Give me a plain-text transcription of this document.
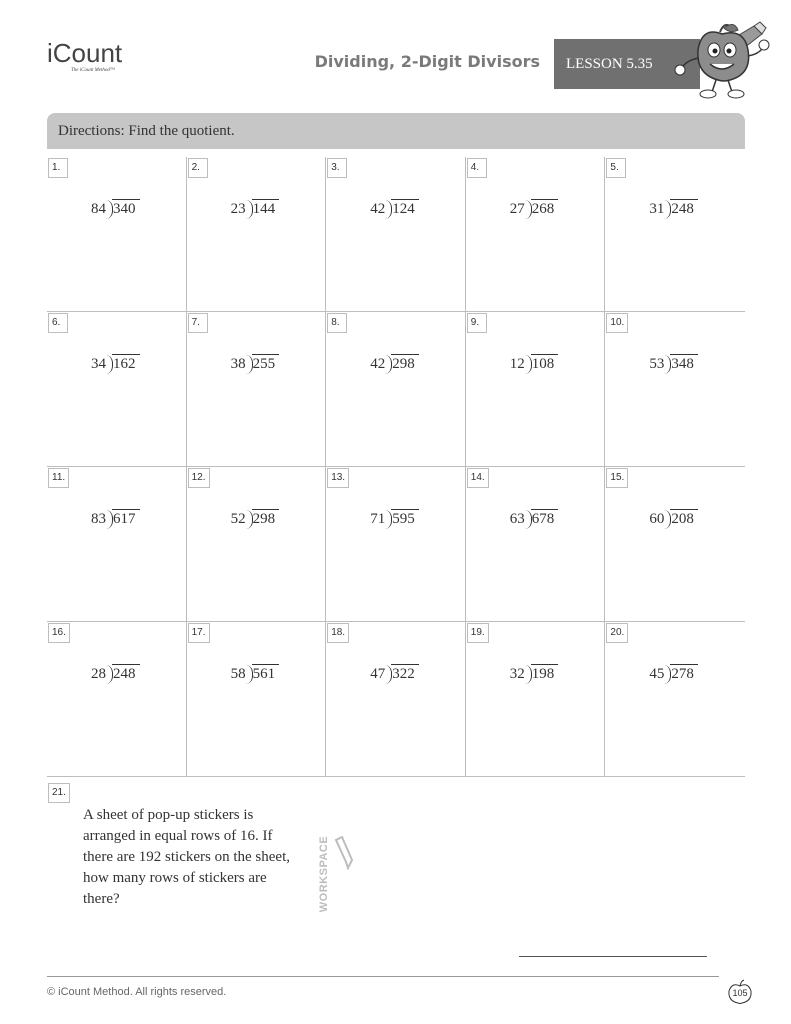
iCount
The iCount Method™	Dividing, 2-Digit Divisors LESSON 5.35
Directions: Find the quotient.
1.
84 340
2.
23 144
3.
42 124
4.
27 268
5.
31 248
6.
34 162
7.
38 255
8.
42 298
9.
12 108
10.
53 348
11.
83 617
12.
52 298
13.
71 595
14.
63 678
15.
60 208
16.
28 248
17.
58 561
18.
47 322
19.
32 198
20.
45 278
21.
A sheet of pop-up stickers is arranged in equal rows of 16. If there are 192 stickers on the sheet, how many rows of stickers are there?	WORKSPACE
© iCount Method. All rights reserved.	105
